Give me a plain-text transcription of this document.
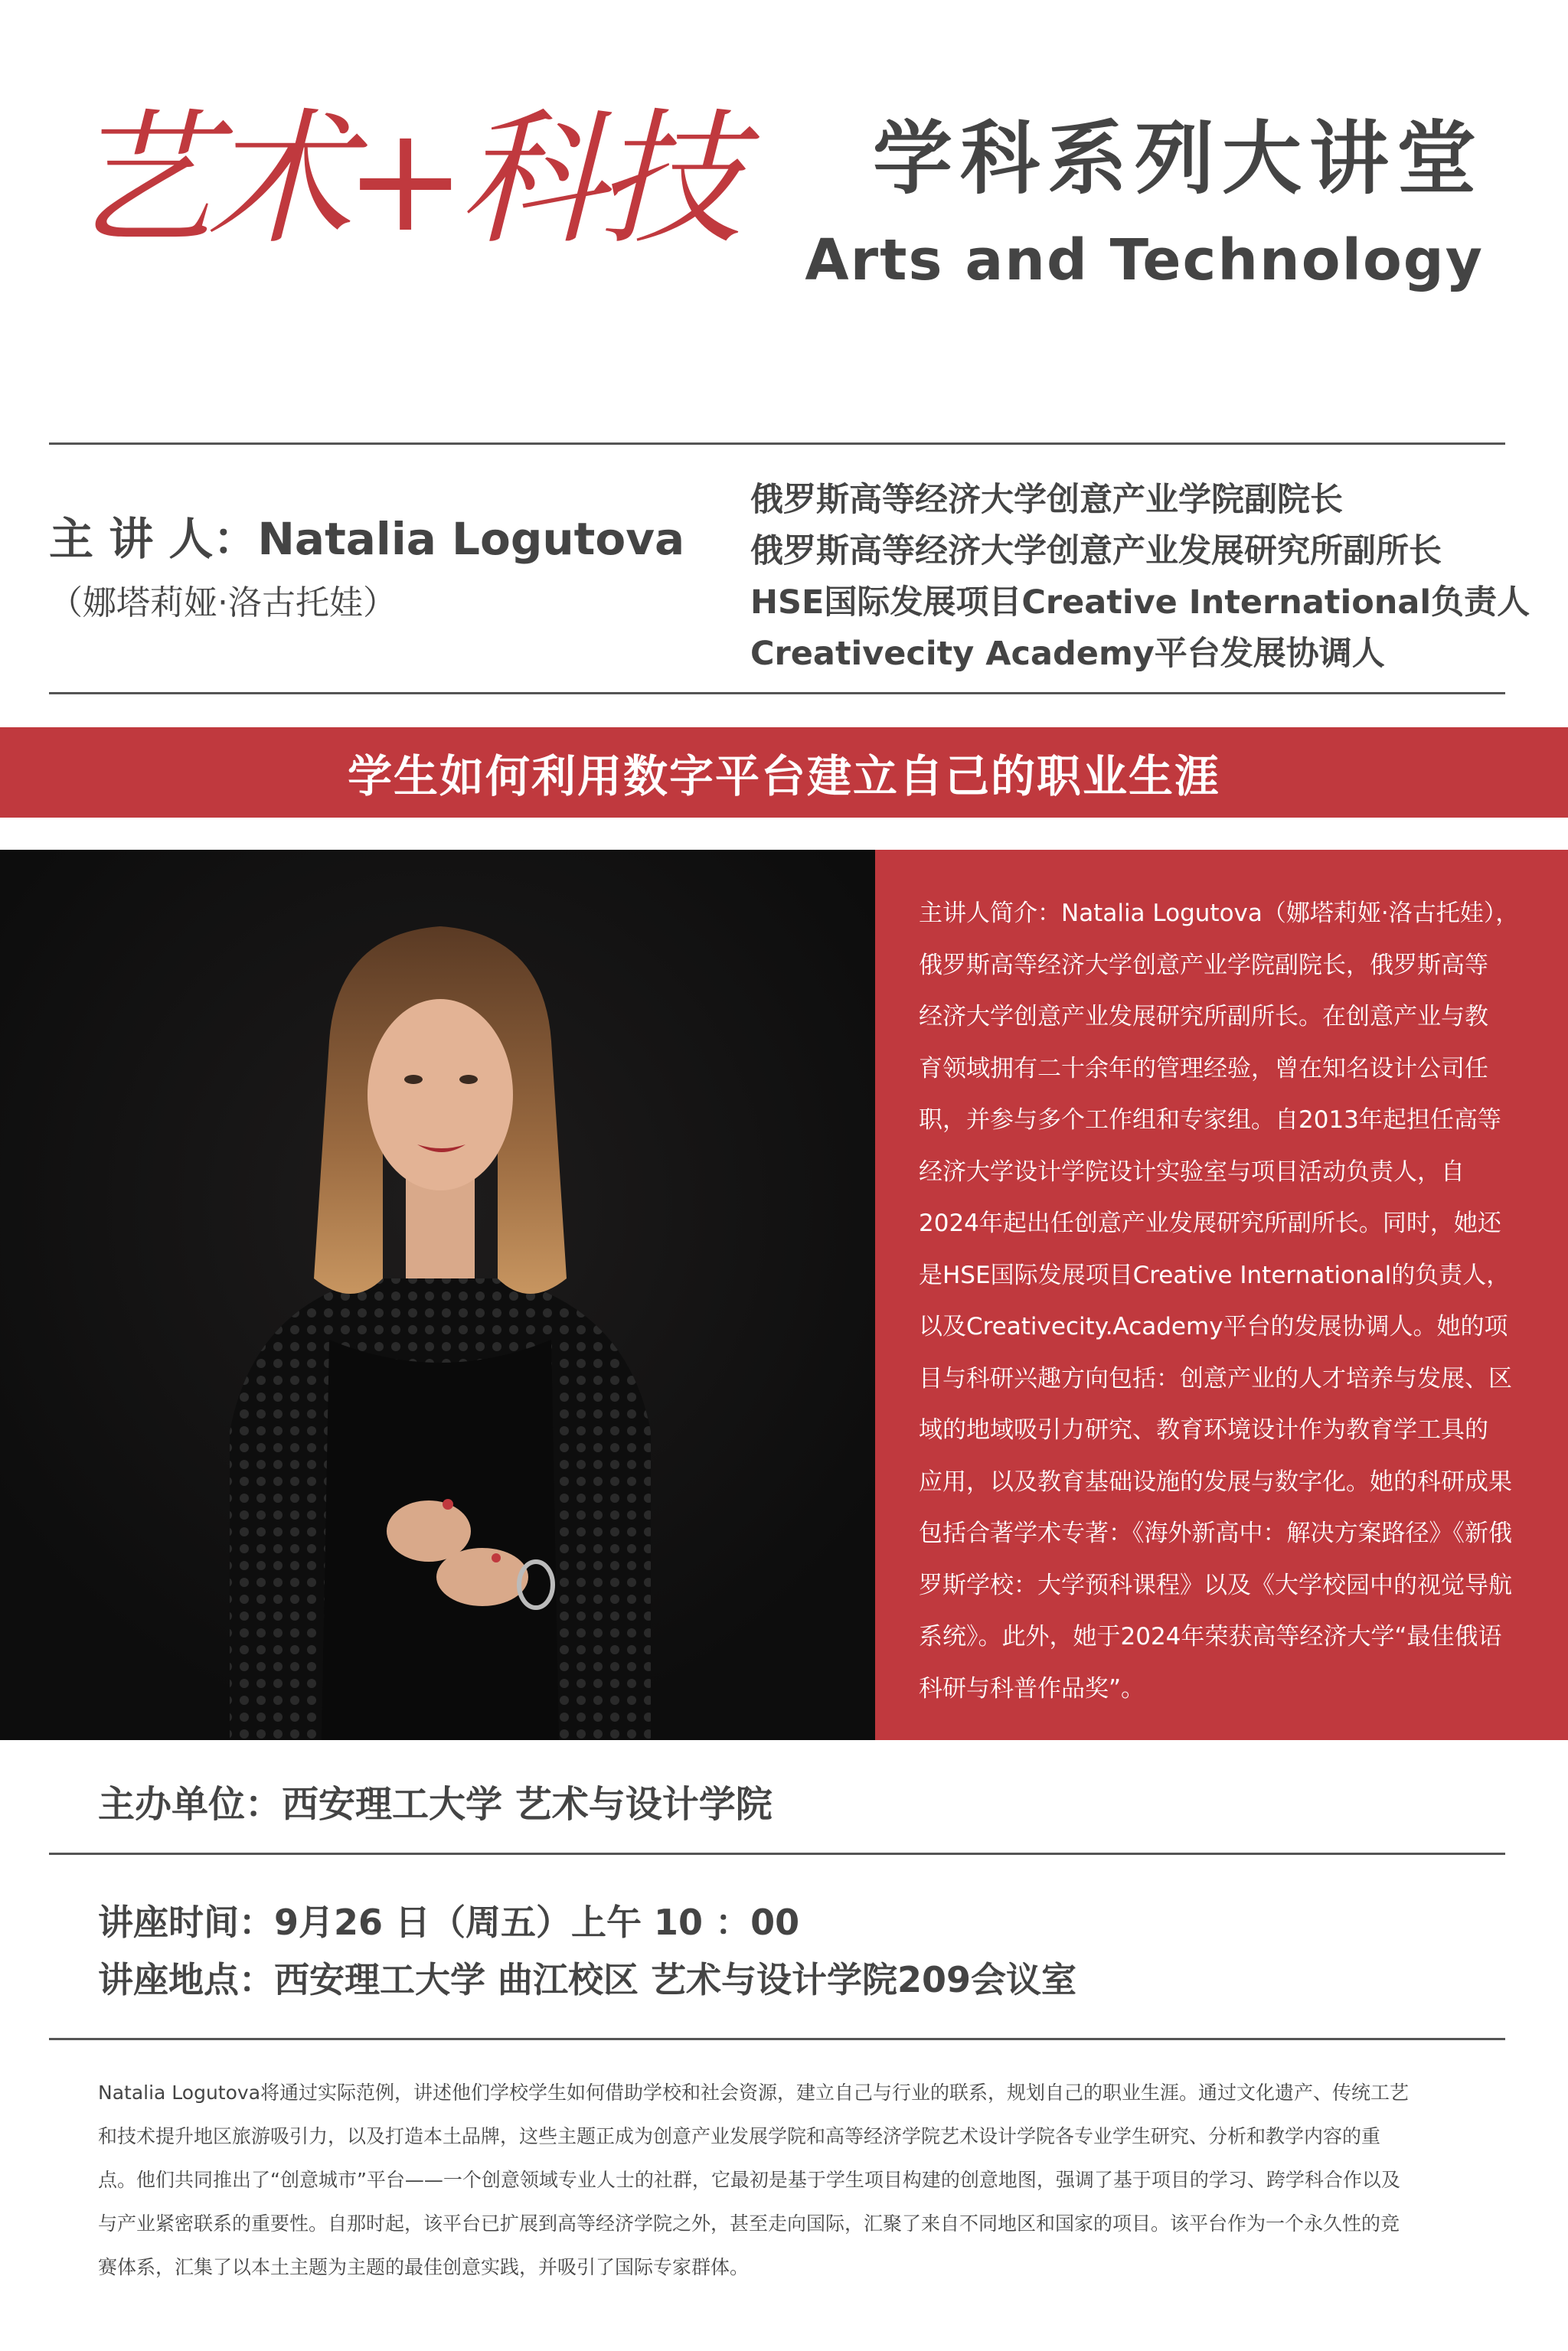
艺术+科技 学科系列大讲堂
Arts and Technology
主 讲 人：Natalia Logutova
（娜塔莉娅·洛古托娃）
俄罗斯高等经济大学创意产业学院副院长
俄罗斯高等经济大学创意产业发展研究所副所长
HSE国际发展项目Creative International负责人
Creativecity Academy平台发展协调人
学生如何利用数字平台建立自己的职业生涯
主讲人简介：Natalia Logutova（娜塔莉娅·洛古托娃），
俄罗斯高等经济大学创意产业学院副院长，俄罗斯高等
经济大学创意产业发展研究所副所长。在创意产业与教
育领域拥有二十余年的管理经验，曾在知名设计公司任
职，并参与多个工作组和专家组。自2013年起担任高等
经济大学设计学院设计实验室与项目活动负责人，自
2024年起出任创意产业发展研究所副所长。同时，她还
是HSE国际发展项目Creative International的负责人，
以及Creativecity.Academy平台的发展协调人。她的项
目与科研兴趣方向包括：创意产业的人才培养与发展、区
域的地域吸引力研究、教育环境设计作为教育学工具的
应用，以及教育基础设施的发展与数字化。她的科研成果
包括合著学术专著：《海外新高中：解决方案路径》《新俄
罗斯学校：大学预科课程》以及《大学校园中的视觉导航
系统》。此外，她于2024年荣获高等经济大学“最佳俄语
科研与科普作品奖”。
主办单位：西安理工大学 艺术与设计学院
讲座时间：9月26 日（周五）上午 10 ：00
讲座地点：西安理工大学 曲江校区 艺术与设计学院209会议室
Natalia Logutova将通过实际范例，讲述他们学校学生如何借助学校和社会资源，建立自己与行业的联系，规划自己的职业生涯。通过文化遗产、传统工艺
和技术提升地区旅游吸引力，以及打造本土品牌，这些主题正成为创意产业发展学院和高等经济学院艺术设计学院各专业学生研究、分析和教学内容的重
点。他们共同推出了“创意城市”平台——一个创意领域专业人士的社群，它最初是基于学生项目构建的创意地图，强调了基于项目的学习、跨学科合作以及
与产业紧密联系的重要性。自那时起，该平台已扩展到高等经济学院之外，甚至走向国际，汇聚了来自不同地区和国家的项目。该平台作为一个永久性的竞
赛体系，汇集了以本土主题为主题的最佳创意实践，并吸引了国际专家群体。
